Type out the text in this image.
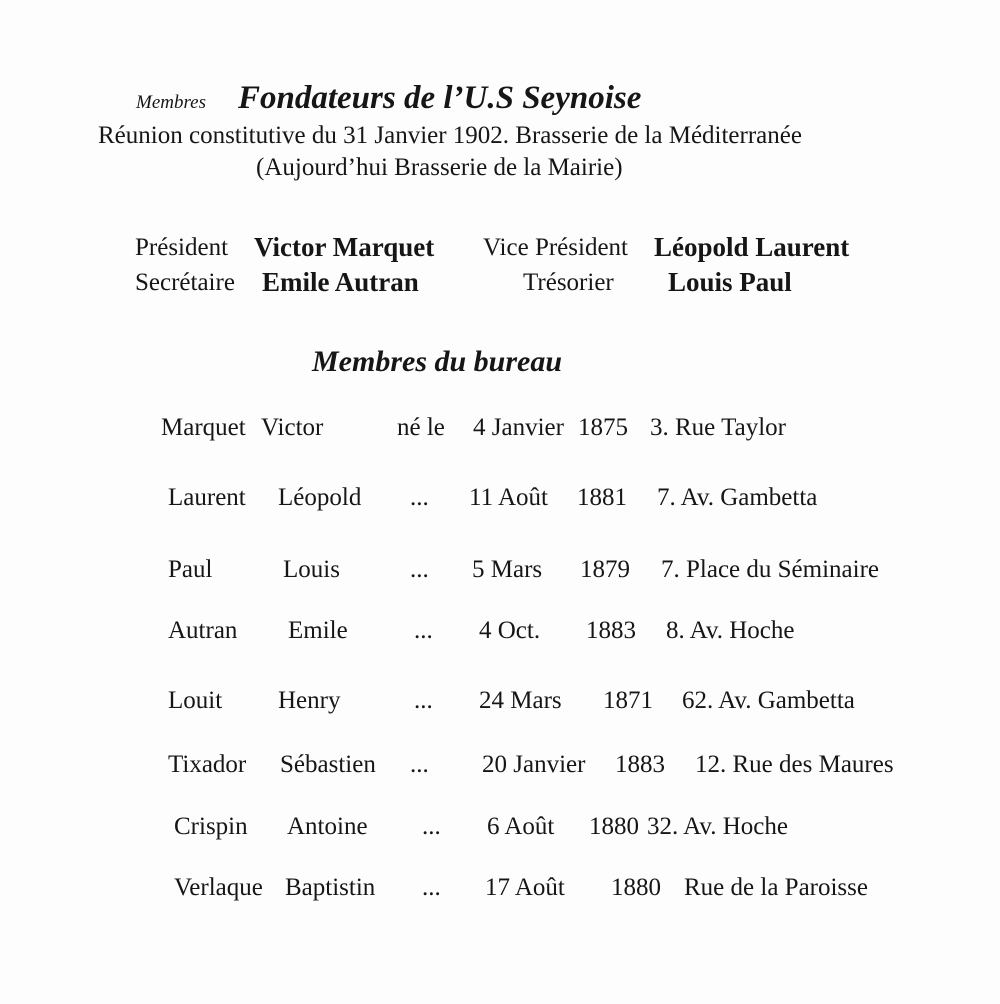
Membres Fondateurs de l’U.S Seynoise
Réunion constitutive du 31 Janvier 1902. Brasserie de la Méditerranée
(Aujourd’hui Brasserie de la Mairie)
Président Victor Marquet Vice Président Léopold Laurent
Secrétaire Emile Autran	Trésorier Louis Paul
Membres du bureau
Marquet Victor	né le 4 Janvier 1875 3. Rue Taylor
Laurent Léopold ... 11 Août 1881 7. Av. Gambetta
Paul	Louis	... 5 Mars 1879 7. Place du Séminaire
Autran Emile	... 4 Oct. 1883 8. Av. Hoche
Louit Henry	... 24 Mars 1871 62. Av. Gambetta
Tixador Sébastien ... 20 Janvier 1883 12. Rue des Maures
Crispin Antoine ... 6 Août 1880 32. Av. Hoche
Verlaque Baptistin ... 17 Août 1880 Rue de la Paroisse
